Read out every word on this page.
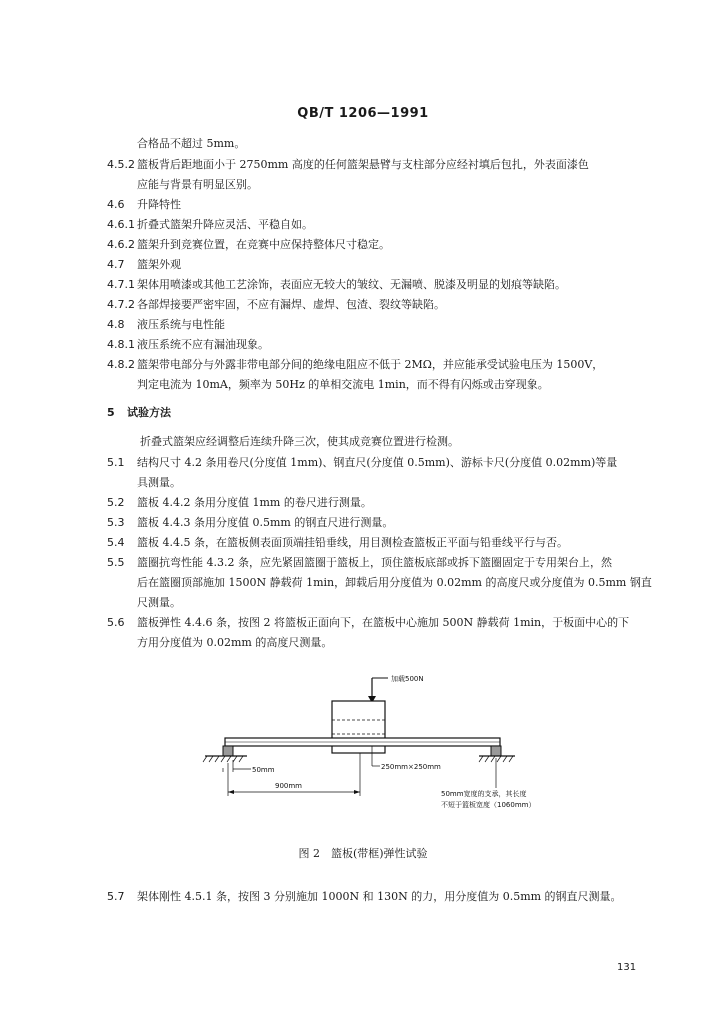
QB/T 1206—1991
合格品不超过 5mm。
4.5.2 篮板背后距地面小于 2750mm 高度的任何篮架悬臂与支柱部分应经衬填后包扎，外表面漆色
应能与背景有明显区别。
4.6 升降特性
4.6.1 折叠式篮架升降应灵活、平稳自如。
4.6.2 篮架升到竞赛位置，在竞赛中应保持整体尺寸稳定。
4.7 篮架外观
4.7.1 架体用喷漆或其他工艺涂饰，表面应无较大的皱纹、无漏喷、脱漆及明显的划痕等缺陷。
4.7.2 各部焊接要严密牢固，不应有漏焊、虚焊、包渣、裂纹等缺陷。
4.8 液压系统与电性能
4.8.1 液压系统不应有漏油现象。
4.8.2 篮架带电部分与外露非带电部分间的绝缘电阻应不低于 2MΩ，并应能承受试验电压为 1500V，
判定电流为 10mA，频率为 50Hz 的单相交流电 1min，而不得有闪烁或击穿现象。
5 试验方法
折叠式篮架应经调整后连续升降三次，使其成竞赛位置进行检测。
5.1 结构尺寸 4.2 条用卷尺(分度值 1mm)、钢直尺(分度值 0.5mm)、游标卡尺(分度值 0.02mm)等量
具测量。
5.2 篮板 4.4.2 条用分度值 1mm 的卷尺进行测量。
5.3 篮板 4.4.3 条用分度值 0.5mm 的钢直尺进行测量。
5.4 篮板 4.4.5 条，在篮板侧表面顶端挂铅垂线，用目测检查篮板正平面与铅垂线平行与否。
5.5 篮圈抗弯性能 4.3.2 条，应先紧固篮圈于篮板上，顶住篮板底部或拆下篮圈固定于专用架台上，然
后在篮圈顶部施加 1500N 静载荷 1min，卸载后用分度值为 0.02mm 的高度尺或分度值为 0.5mm 钢直
尺测量。
5.6 篮板弹性 4.4.6 条，按图 2 将篮板正面向下，在篮板中心施加 500N 静载荷 1min，于板面中心的下
方用分度值为 0.02mm 的高度尺测量。
加载500N
50mm	250mm×250mm
900mm
50mm宽度的支承，其长度
不短于篮板宽度（1060mm）
图 2　篮板(带框)弹性试验
5.7 架体刚性 4.5.1 条，按图 3 分别施加 1000N 和 130N 的力，用分度值为 0.5mm 的钢直尺测量。
131
